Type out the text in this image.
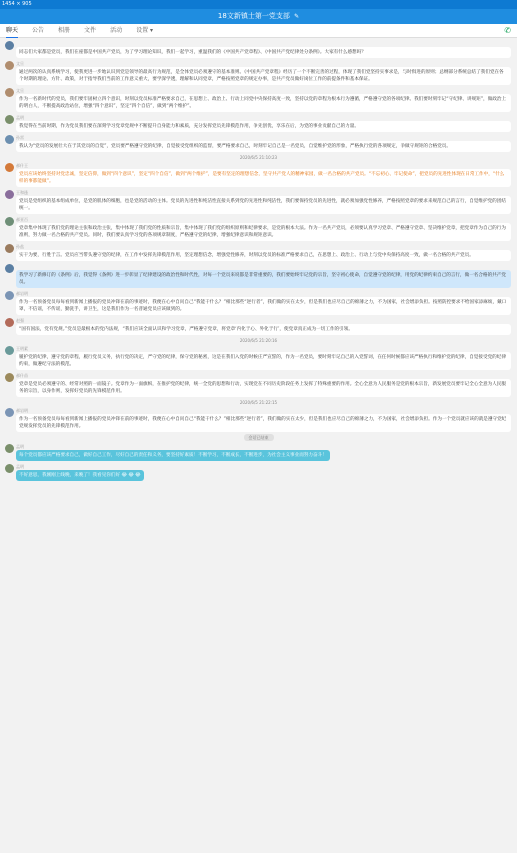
1454 × 905
18文新镇士第一党支部 ✎
聊天 公告 相册 文件 活动 设置 ▾	✆
同志们大家都是党员，我们在座都是中国共产党员，为了学习理论知识，我们一起学习，重温我们的《中国共产党章程》、《中国共产党纪律处分条例》。大家有什么感想吗？
文旦
通过两次的认真系统学习，使我更进一步地认识到党是领导的最高行为规范，是全体党员必须遵守的基本准则。《中国共产党章程》经历了一个不断完善的过程，体现了我们党坚持实事求是，与时俱进的原则；总纲部分系统总结了我们党在各个时期的理论、方针、政策，对于指导我们当前的工作意义重大，要学深学透，理解和认同党章，严格按照党章的规定办事，是共产党员做好岗位工作的前提条件和基本保证。
文旦
作为一名新时代的党员，我们要牢固树立四个意识，时刻以党员标准严格要求自己，在思想上、政治上、行动上同党中央保持高度一致，坚持以党的章程为根本行为遵循，严格遵守党的各项纪律。我们要时刻牢记“守纪律、讲规矩”，做政治上的明白人，不断提高政治站位，增强“四个意识”，坚定“四个自信”，做到“两个维护”。
孟明
我觉得在当前时期，作为党员我们要在深刻学习党章党规中不断提升自身能力和素质，充分发挥党员先锋模范作用，争先创优，享乐在后，为党的事业贡献自己的力量。
孙雷
我认为“党员的发展壮大在于其党员的自觉”，党员要严格遵守党的纪律，自觉接受党组织的监督，要严格要求自己，时刻牢记自己是一名党员，自觉维护党的形象，严格执行党的各项规定，争做守规矩的合格党员。
2020/6/5 21:10:23
郝什王
党员应该始终坚持对党忠诚，坚定信仰，做到“四个意识”，坚定“四个自信”，做到“两个维护”，是要有坚定的理想信念，坚守共产党人的精神家园，做一名合格的共产党员。“不忘初心、牢记使命”，把党员的先进性体现在日常工作中，“什么样的事都能做”。
王和逢
党员是党组织的基本组成单位，是党的肌体的细胞，也是党的活动的主体。党员的先进性和纯洁性直接关系到党的先进性和纯洁性，我们要保持党员的先进性，就必须加强党性修养，严格按照党章的要求来规范自己的言行，自觉维护党的团结统一。
郝亚百
党章集中体现了我们党的理论主张和政治主张，集中体现了我们党的性质和宗旨，集中体现了我们党的组织原则和纪律要求，是党的根本大法。作为一名共产党员，必须要认真学习党章、严格遵守党章、坚决维护党章，把党章作为自己的行为准则，努力做一名合格的共产党员。同时，我们要认真学习党的各项规章制度，严格遵守党的纪律，增强纪律意识和规矩意识。
孙盐
实干为要，行胜于言。党员应当带头遵守党的纪律，在工作中发挥先锋模范作用，坚定理想信念，增强党性修养，时刻以党员的标准严格要求自己，在思想上、政治上、行动上与党中央保持高度一致，做一名合格的共产党员。
我学习了新修订的《条例》后，我觉得《条例》进一步彰显了纪律建设的政治性和时代性，对每一个党员来说都是非常重要的，我们要始终牢记党的宗旨，坚守初心使命，自觉遵守党的纪律，用党的纪律约束自己的言行，做一名合格的共产党员。
郝岩明
作为一名预备党员每每看到新闻上播报的党员冲锋在前的事迹时，我便在心中自问自己“我能干什么？”相比那些“逆行者”，我们做的实在太少，但是我们也应尽自己的绵薄之力，不为国家，社会增添负担。按照防控要求不给国家添麻烦，戴口罩，不信谣，不传谣，勤洗手，讲卫生，这是我们作为一名普通党员应该做到的。
赵强
“国有国法，党有党规。”党员是最根本的党内法规，“我们应该全面认识和学习党章，严格遵守党章，将党章‘内化于心、外化于行’，使党章真正成为一切工作的引领。
2020/6/5 21:20:16
王明素
履护党的纪律，遵守党的章程，履行党员义务，执行党的决定，严守党的纪律，保守党的秘密，这是在我们入党的时候庄严宣誓的，作为一名党员，要时刻牢记自己的入党誓词，在任何时候都应该严格执行和维护党的纪律，自觉接受党的纪律约束，做遵纪守法的模范。
郝什苗
党章是党员必须遵守的、经常对照的一面镜子。党章作为一面旗帜，在推护党的纪律，统一全党的思想和行动，实现党在不同历史阶段任务上发挥了特殊重要的作用。全心全意为人民服务是党的根本宗旨，新发展党员要牢记全心全意为人民服务的宗旨，以身作则，发挥好党员的先锋模范作用。
2020/6/5 21:22:15
郝岩明
作为一名预备党员每每看到新闻上播报的党员冲锋在前的事迹时，我便在心中自问自己“我能干什么？”相比那些“逆行者”，我们做的实在太少，但是我们也应尽自己的绵薄之力，不为国家，社会增添负担。作为一个党员就应该的就是遵守党纪党规发挥党员的先锋模范作用。
会话已结束
孟明
每个党员都应该严格要求自己，做好自己工作，尽好自己的责任和义务，要坚持好素质！不断学习，不断成长，不断进步，为社会主义事业而努力奋斗！
孟明
不好意思，我刚刚上线晚，来晚了！我看见你们好 😂 😂 😂
